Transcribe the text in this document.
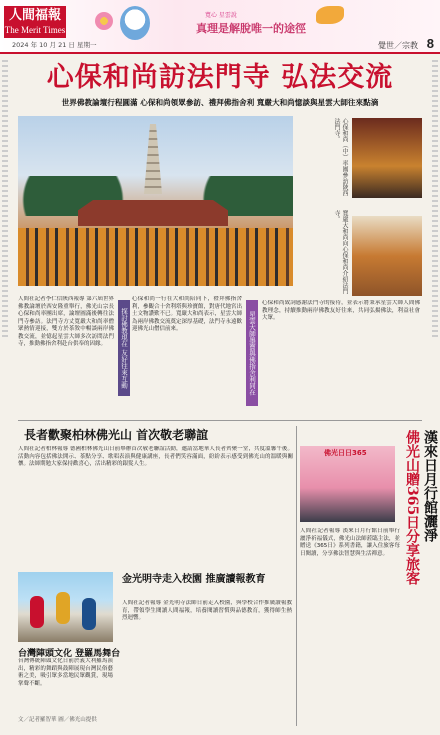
人間福報
The Merit Times
2024 年 10 月 21 日 星期一
寬心 星雲說
真理是解脫唯一的途徑
覺世／宗教 8
心保和尚訪法門寺 弘法交流
世界佛教論壇行程圓滿 心保和尚領眾參訪、禮拜佛指舍利 寬嚴大和尚憶談與星雲大師往來點滴
心保和尚（中）率團參訪陝西法門寺。
寬嚴大和尚向心保和尚介紹法門寺。
探討佛教現在 友好往來互動	星雲大師墨寶與佛指舍利同在
人間社記者李仁信陝西報導 第六屆世界佛教論壇於西安隆重舉行，佛光山宗長心保和尚率團出席，論壇圓滿後轉往法門寺參訪。法門寺方丈寬嚴大和尚率僧眾熱情迎接，雙方於茶敘中暢談兩岸佛教交流，並憶起星雲大師多次訪問法門寺，推動佛指舍利赴台供奉的因緣。
心保和尚一行在大和尚陪同下，禮拜佛指舍利，參觀合十舍利塔與珍寶館，對唐代地宮出土文物讚歎不已。寬嚴大和尚表示，星雲大師為兩岸佛教交流奠定深厚基礎，法門寺永遠歡迎佛光山僧信前來。
心保和尚致詞感謝法門寺的接待，並表示將秉承星雲大師人間佛教理念，持續推動兩岸佛教友好往來，共同弘揚佛法，利益社會大眾。
長者歡聚柏林佛光山 首次敬老聯誼
人間社記者柏林報導 德國柏林佛光山日前舉辦首次敬老聯誼活動，邀請當地華人長者齊聚一堂，共度溫馨午後。活動內容包括佛法開示、茶點分享、歌唱表演與健康講座，長者們笑容滿面，紛紛表示感受到佛光山的溫暖與關懷。法師期勉大家保持歡喜心，活出精彩的銀髮人生。
台灣陣頭文化 登羅馬舞台
台灣傳統陣頭文化日前於義大利羅馬演出，精彩的舞蹈與鼓陣展現台灣民俗藝術之美，吸引眾多當地民眾觀賞，現場掌聲不斷。
文／記者羅智華 圖／佛光山提供
金光明寺走入校園 推廣讀報教育
人間社記者報導 金光明寺法師日前走入校園，與學校合作推廣讀報教育，帶領學生閱讀人間福報，培養閱讀習慣與品德教育，獲得師生熱烈迴響。
漢來日月行館灑淨
佛光山贈365日分享旅客
佛光日日365
人間社記者報導 漢來日月行館日前舉行灑淨祈福儀式，佛光山法師蒞臨主法，並贈送《365日》系列書籍，讓入住旅客每日閱讀，分享佛法智慧與生活禪意。
